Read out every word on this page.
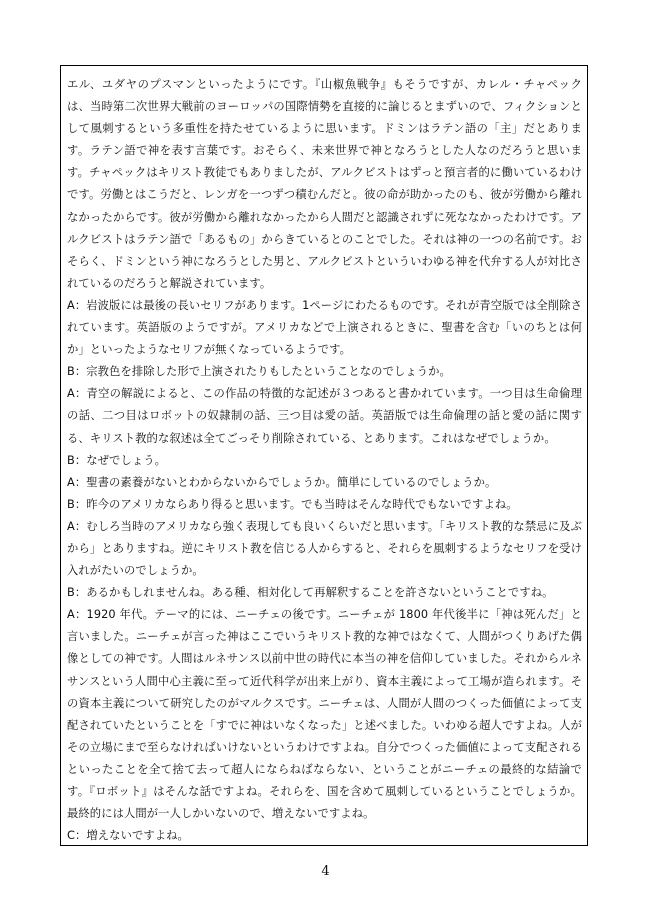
エル、ユダヤのプスマンといったようにです。『山椒魚戦争』もそうですが、カレル・チャペックは、当時第二次世界大戦前のヨーロッパの国際情勢を直接的に論じるとまずいので、フィクションとして風刺するという多重性を持たせているように思います。ドミンはラテン語の「主」だとあります。ラテン語で神を表す言葉です。おそらく、未来世界で神となろうとした人なのだろうと思います。チャペックはキリスト教徒でもありましたが、アルクビストはずっと預言者的に働いているわけです。労働とはこうだと、レンガを一つずつ積むんだと。彼の命が助かったのも、彼が労働から離れなかったからです。彼が労働から離れなかったから人間だと認識されずに死ななかったわけです。アルクビストはラテン語で「あるもの」からきているとのことでした。それは神の一つの名前です。おそらく、ドミンという神になろうとした男と、アルクビストといういわゆる神を代弁する人が対比されているのだろうと解説されています。

A：岩波版には最後の長いセリフがあります。1ページにわたるものです。それが青空版では全削除されています。英語版のようですが。アメリカなどで上演されるときに、聖書を含む「いのちとは何か」といったようなセリフが無くなっているようです。

B：宗教色を排除した形で上演されたりもしたということなのでしょうか。

A：青空の解説によると、この作品の特徴的な記述が３つあると書かれています。一つ目は生命倫理の話、二つ目はロボットの奴隷制の話、三つ目は愛の話。英語版では生命倫理の話と愛の話に関する、キリスト教的な叙述は全てごっそり削除されている、とあります。これはなぜでしょうか。

B：なぜでしょう。

A：聖書の素養がないとわからないからでしょうか。簡単にしているのでしょうか。

B：昨今のアメリカならあり得ると思います。でも当時はそんな時代でもないですよね。

A：むしろ当時のアメリカなら強く表現しても良いくらいだと思います。「キリスト教的な禁忌に及ぶから」とありますね。逆にキリスト教を信じる人からすると、それらを風刺するようなセリフを受け入れがたいのでしょうか。

B：あるかもしれませんね。ある種、相対化して再解釈することを許さないということですね。

A：1920 年代。テーマ的には、ニーチェの後です。ニーチェが 1800 年代後半に「神は死んだ」と言いました。ニーチェが言った神はここでいうキリスト教的な神ではなくて、人間がつくりあげた偶像としての神です。人間はルネサンス以前中世の時代に本当の神を信仰していました。それからルネサンスという人間中心主義に至って近代科学が出来上がり、資本主義によって工場が造られます。その資本主義について研究したのがマルクスです。ニーチェは、人間が人間のつくった価値によって支配されていたということを「すでに神はいなくなった」と述べました。いわゆる超人ですよね。人がその立場にまで至らなければいけないというわけですよね。自分でつくった価値によって支配されるといったことを全て捨て去って超人にならねばならない、ということがニーチェの最終的な結論です。『ロボット』はそんな話ですよね。それらを、国を含めて風刺しているということでしょうか。最終的には人間が一人しかいないので、増えないですよね。

C：増えないですよね。

4
